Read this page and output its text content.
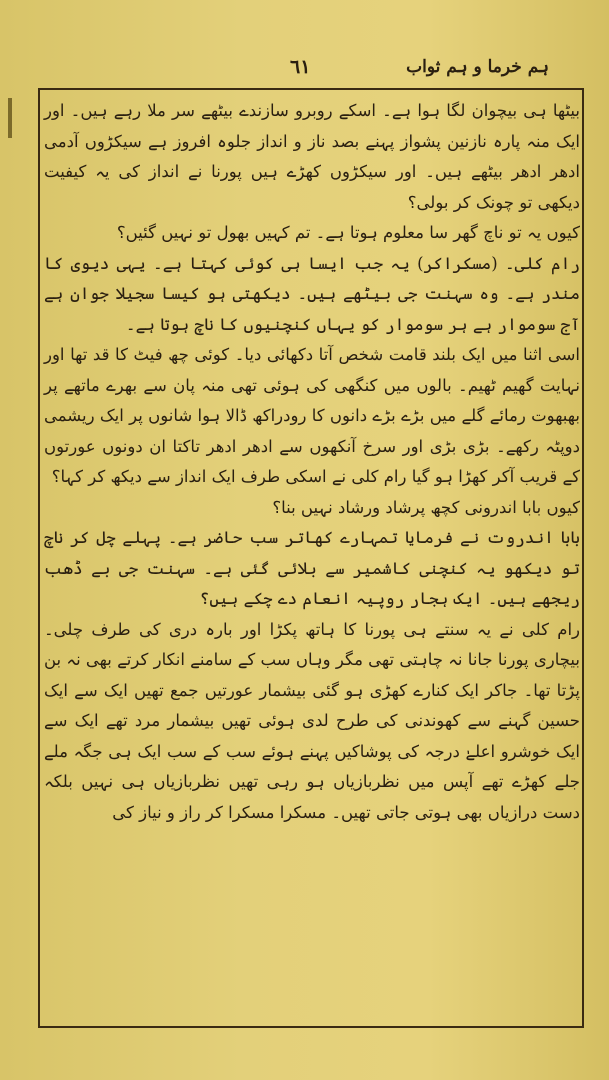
ہم خرما و ہم ثواب
٦١

بیٹھا ہی بیچوان لگا ہوا ہے۔ اسکے روبرو سازندے بیٹھے سر ملا رہے ہیں۔ اور ایک منہ پارہ نازنین پشواز پہنے بصد ناز و انداز جلوہ افروز ہے سیکڑوں آدمی ادھر ادھر بیٹھے ہیں۔ اور سیکڑوں کھڑے ہیں پورنا نے انداز کی یہ کیفیت دیکھی تو چونک کر بولی؟

کیوں یہ تو ناچ گھر سا معلوم ہوتا ہے۔ تم کہیں بھول تو نہیں گئیں؟

رام کلی۔ (مسکراکر) یہ جب ایسا ہی کوئی کہتا ہے۔ یہی دیوی کا مندر ہے۔ وہ سہنت جی بیٹھے ہیں۔ دیکھتی ہو کیسا سجیلا جوان ہے آج سوموار ہے ہر سوموار کو یہاں کنچنیوں کا ناچ ہوتا ہے۔

اسی اثنا میں ایک بلند قامت شخص آتا دکھائی دیا۔ کوئی چھ فیٹ کا قد تھا اور نہایت گھیم ٹھیم۔ بالوں میں کنگھی کی ہوئی تھی منہ پان سے بھرے ماتھے پر بھبھوت رمائے گلے میں بڑے بڑے دانوں کا رودراکھ ڈالا ہوا شانوں پر ایک ریشمی دوپٹہ رکھے۔ بڑی بڑی اور سرخ آنکھوں سے ادھر ادھر تاکتا ان دونوں عورتوں کے قریب آکر کھڑا ہو گیا رام کلی نے اسکی طرف ایک انداز سے دیکھ کر کہا؟

کیوں بابا اندرونی کچھ پرشاد ورشاد نہیں بنا؟

بابا اندروت نے فرمایا تمہارے کھاتر سب حاضر ہے۔ پہلے چل کر ناچ تو دیکھو یہ کنچنی کاشمیر سے بلائی گئی ہے۔ سہنت جی بے ڈھب ریجھے ہیں۔ ایک ہجار روپیہ انعام دے چکے ہیں؟

رام کلی نے یہ سنتے ہی پورنا کا ہاتھ پکڑا اور بارہ دری کی طرف چلی۔ بیچاری پورنا جانا نہ چاہتی تھی مگر وہاں سب کے سامنے انکار کرتے بھی نہ بن پڑتا تھا۔ جاکر ایک کنارے کھڑی ہو گئی بیشمار عورتیں جمع تھیں ایک سے ایک حسین گہنے سے کھوندنی کی طرح لدی ہوئی تھیں بیشمار مرد تھے ایک سے ایک خوشرو اعلےٰ درجہ کی پوشاکیں پہنے ہوئے سب کے سب ایک ہی جگہ ملے جلے کھڑے تھے آپس میں نظربازیاں ہو رہی تھیں نظربازیاں ہی نہیں بلکہ دست درازیاں بھی ہوتی جاتی تھیں۔ مسکرا مسکرا کر راز و نیاز کی
